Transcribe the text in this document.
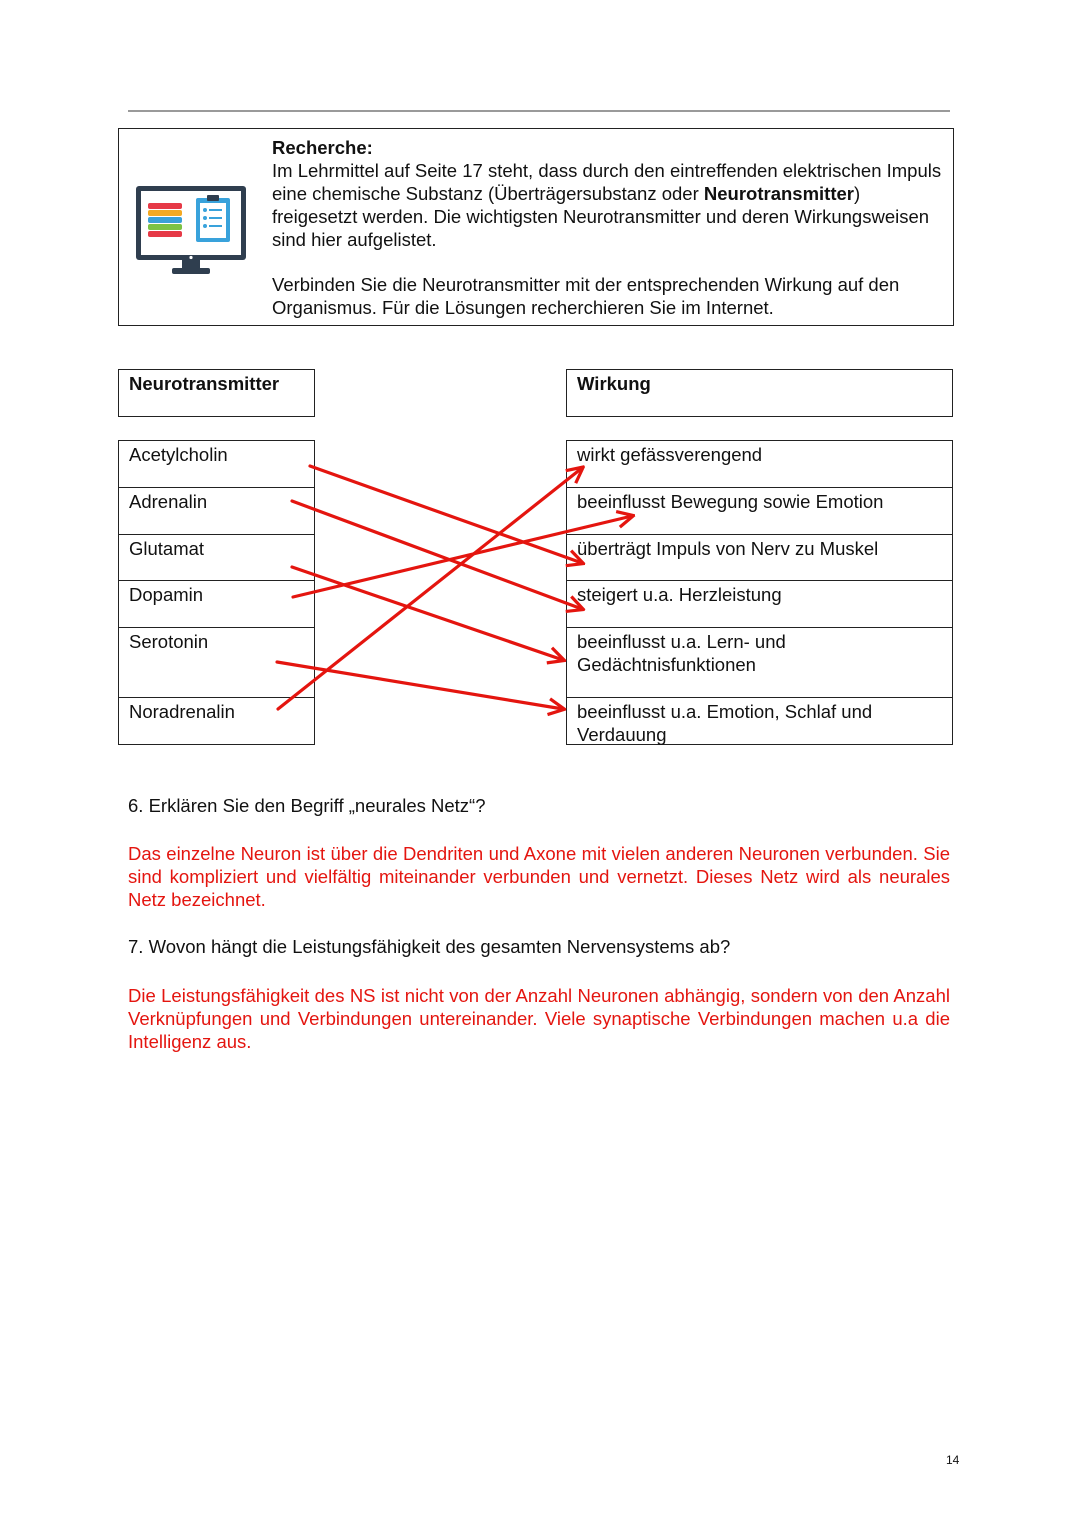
Recherche:

Im Lehrmittel auf Seite 17 steht, dass durch den eintreffenden elektrischen Impuls eine chemische Substanz (Überträgersubstanz oder Neurotransmitter) freigesetzt werden. Die wichtigsten Neurotransmitter und deren Wirkungsweisen sind hier aufgelistet.

Verbinden Sie die Neurotransmitter mit der entsprechenden Wirkung auf den Organismus. Für die Lösungen recherchieren Sie im Internet.

Neurotransmitter	Wirkung
Acetylcholin
Adrenalin
Glutamat
Dopamin
Serotonin
Noradrenalin
wirkt gefässverengend
beeinflusst Bewegung sowie Emotion
überträgt Impuls von Nerv zu Muskel
steigert u.a. Herzleistung
beeinflusst u.a. Lern- und Gedächtnisfunktionen
beeinflusst u.a. Emotion, Schlaf und Verdauung
6. Erklären Sie den Begriff „neurales Netz“?
Das einzelne Neuron ist über die Dendriten und Axone mit vielen anderen Neuronen verbunden. Sie sind kompliziert und vielfältig miteinander verbunden und vernetzt. Dieses Netz wird als neurales Netz bezeichnet.
7. Wovon hängt die Leistungsfähigkeit des gesamten Nervensystems ab?
Die Leistungsfähigkeit des NS ist nicht von der Anzahl Neuronen abhängig, sondern von den Anzahl Verknüpfungen und Verbindungen untereinander. Viele synaptische Verbindungen machen u.a die Intelligenz aus.
14
